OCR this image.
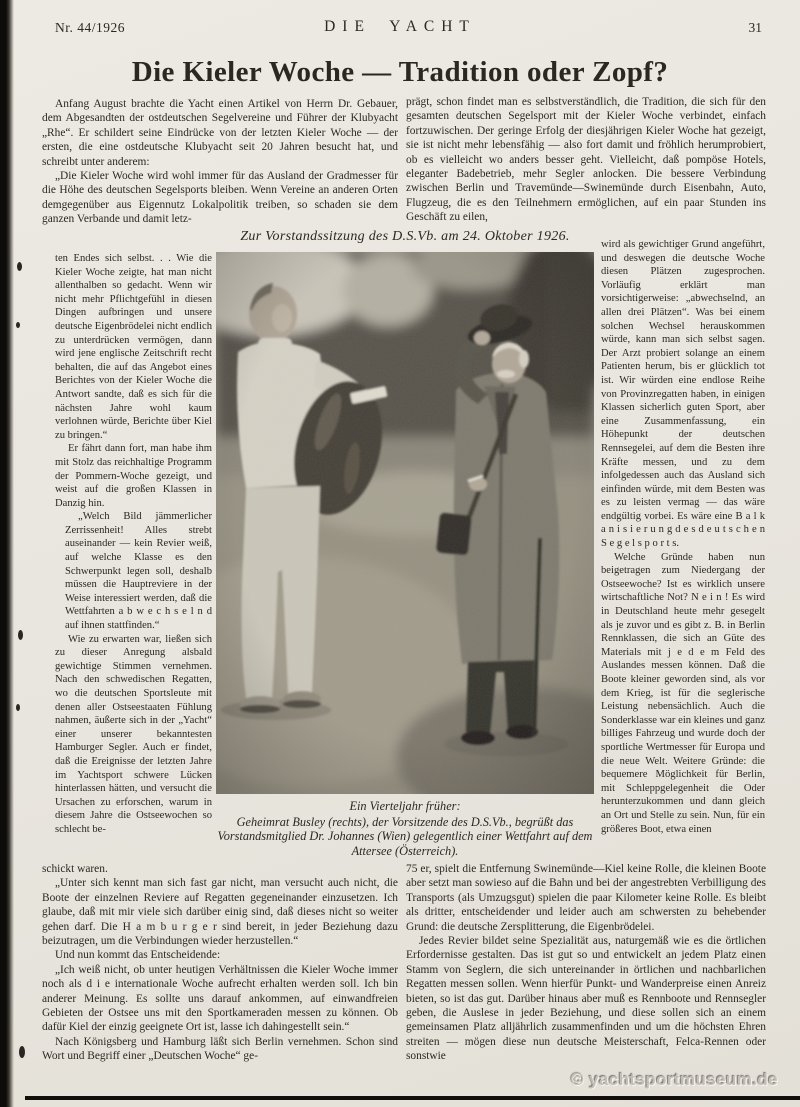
Nr. 44/1926	DIE YACHT	31
Die Kieler Woche — Tradition oder Zopf?

Anfang August brachte die Yacht einen Artikel von Herrn Dr. Gebauer, dem Abgesandten der ostdeutschen Segelvereine und Führer der Klubyacht „Rhe“. Er schildert seine Eindrücke von der letzten Kieler Woche — der ersten, die eine ostdeutsche Klubyacht seit 20 Jahren besucht hat, und schreibt unter anderem:

„Die Kieler Woche wird wohl immer für das Ausland der Gradmesser für die Höhe des deutschen Segelsports bleiben. Wenn Vereine an anderen Orten demgegenüber aus Eigennutz Lokalpolitik treiben, so schaden sie dem ganzen Verbande und damit letz-

prägt, schon findet man es selbstverständlich, die Tradition, die sich für den gesamten deutschen Segelsport mit der Kieler Woche verbindet, einfach fortzuwischen. Der geringe Erfolg der diesjährigen Kieler Woche hat gezeigt, sie ist nicht mehr lebensfähig — also fort damit und fröhlich herumprobiert, ob es vielleicht wo anders besser geht. Vielleicht, daß pompöse Hotels, eleganter Badebetrieb, mehr Segler anlocken. Die bessere Verbindung zwischen Berlin und Travemünde—Swinemünde durch Eisenbahn, Auto, Flugzeug, die es den Teilnehmern ermöglichen, auf ein paar Stunden ins Geschäft zu eilen,

Zur Vorstandssitzung des D.S.Vb. am 24. Oktober 1926.

ten Endes sich selbst. . . Wie die Kieler Woche zeigte, hat man nicht allenthalben so gedacht. Wenn wir nicht mehr Pflichtgefühl in diesen Dingen aufbringen und unsere deutsche Eigenbrödelei nicht endlich zu unterdrücken vermögen, dann wird jene englische Zeitschrift recht behalten, die auf das Angebot eines Berichtes von der Kieler Woche die Antwort sandte, daß es sich für die nächsten Jahre wohl kaum verlohnen würde, Berichte über Kiel zu bringen.“

Er fährt dann fort, man habe ihm mit Stolz das reichhaltige Programm der Pommern-Woche gezeigt, und weist auf die großen Klassen in Danzig hin.

„Welch Bild jämmerlicher Zerrissenheit! Alles strebt auseinander — kein Revier weiß, auf welche Klasse es den Schwerpunkt legen soll, deshalb müssen die Hauptreviere in der Weise interessiert werden, daß die Wettfahrten a b w e c h s e l n d auf ihnen stattfinden.“

Wie zu erwarten war, ließen sich zu dieser Anregung alsbald gewichtige Stimmen vernehmen. Nach den schwedischen Regatten, wo die deutschen Sportsleute mit denen aller Ostseestaaten Fühlung nahmen, äußerte sich in der „Yacht“ einer unserer bekanntesten Hamburger Segler. Auch er findet, daß die Ereignisse der letzten Jahre im Yachtsport schwere Lücken hinterlassen hätten, und versucht die Ursachen zu erforschen, warum in diesem Jahre die Ostseewochen so schlecht be-

wird als gewichtiger Grund angeführt, und deswegen die deutsche Woche diesen Plätzen zugesprochen. Vorläufig erklärt man vorsichtigerweise: „abwechselnd, an allen drei Plätzen“. Was bei einem solchen Wechsel herauskommen würde, kann man sich selbst sagen. Der Arzt probiert solange an einem Patienten herum, bis er glücklich tot ist. Wir würden eine endlose Reihe von Provinzregatten haben, in einigen Klassen sicherlich guten Sport, aber eine Zusammenfassung, ein Höhepunkt der deutschen Rennsegelei, auf dem die Besten ihre Kräfte messen, und zu dem infolgedessen auch das Ausland sich einfinden würde, mit dem Besten was es zu leisten vermag — das wäre endgültig vorbei. Es wäre eine B a l k a n i s i e r u n g d e s d e u t s c h e n S e g e l s p o r t s.

Welche Gründe haben nun beigetragen zum Niedergang der Ostseewoche? Ist es wirklich unsere wirtschaftliche Not? N e i n ! Es wird in Deutschland heute mehr gesegelt als je zuvor und es gibt z. B. in Berlin Rennklassen, die sich an Güte des Materials mit j e d e m Feld des Auslandes messen können. Daß die Boote kleiner geworden sind, als vor dem Krieg, ist für die seglerische Leistung nebensächlich. Auch die Sonderklasse war ein kleines und ganz billiges Fahrzeug und wurde doch der sportliche Wertmesser für Europa und die neue Welt. Weitere Gründe: die bequemere Möglichkeit für Berlin, mit Schleppgelegenheit die Oder herunterzukommen und dann gleich an Ort und Stelle zu sein. Nun, für ein größeres Boot, etwa einen

Ein Vierteljahr früher:
Geheimrat Busley (rechts), der Vorsitzende des D.S.Vb., begrüßt das Vorstandsmitglied Dr. Johannes (Wien) gelegentlich einer Wettfahrt auf dem Attersee (Österreich).

schickt waren.

„Unter sich kennt man sich fast gar nicht, man versucht auch nicht, die Boote der einzelnen Reviere auf Regatten gegeneinander einzusetzen. Ich glaube, daß mit mir viele sich darüber einig sind, daß dieses nicht so weiter gehen darf. Die H a m b u r g e r sind bereit, in jeder Beziehung dazu beizutragen, um die Verbindungen wieder herzustellen.“

Und nun kommt das Entscheidende:

„Ich weiß nicht, ob unter heutigen Verhältnissen die Kieler Woche immer noch als d i e internationale Woche aufrecht erhalten werden soll. Ich bin anderer Meinung. Es sollte uns darauf ankommen, auf einwandfreien Gebieten der Ostsee uns mit den Sportkameraden messen zu können. Ob dafür Kiel der einzig geeignete Ort ist, lasse ich dahingestellt sein.“

Nach Königsberg und Hamburg läßt sich Berlin vernehmen. Schon sind Wort und Begriff einer „Deutschen Woche“ ge-

75 er, spielt die Entfernung Swinemünde—Kiel keine Rolle, die kleinen Boote aber setzt man sowieso auf die Bahn und bei der angestrebten Verbilligung des Transports (als Umzugsgut) spielen die paar Kilometer keine Rolle. Es bleibt als dritter, entscheidender und leider auch am schwersten zu behebender Grund: die deutsche Zersplitterung, die Eigenbrödelei.

Jedes Revier bildet seine Spezialität aus, naturgemäß wie es die örtlichen Erfordernisse gestalten. Das ist gut so und entwickelt an jedem Platz einen Stamm von Seglern, die sich untereinander in örtlichen und nachbarlichen Regatten messen sollen. Wenn hierfür Punkt- und Wanderpreise einen Anreiz bieten, so ist das gut. Darüber hinaus aber muß es Rennboote und Rennsegler geben, die Auslese in jeder Beziehung, und diese sollen sich an einem gemeinsamen Platz alljährlich zusammenfinden und um die höchsten Ehren streiten — mögen diese nun deutsche Meisterschaft, Felca-Rennen oder sonstwie

© yachtsportmuseum.de
